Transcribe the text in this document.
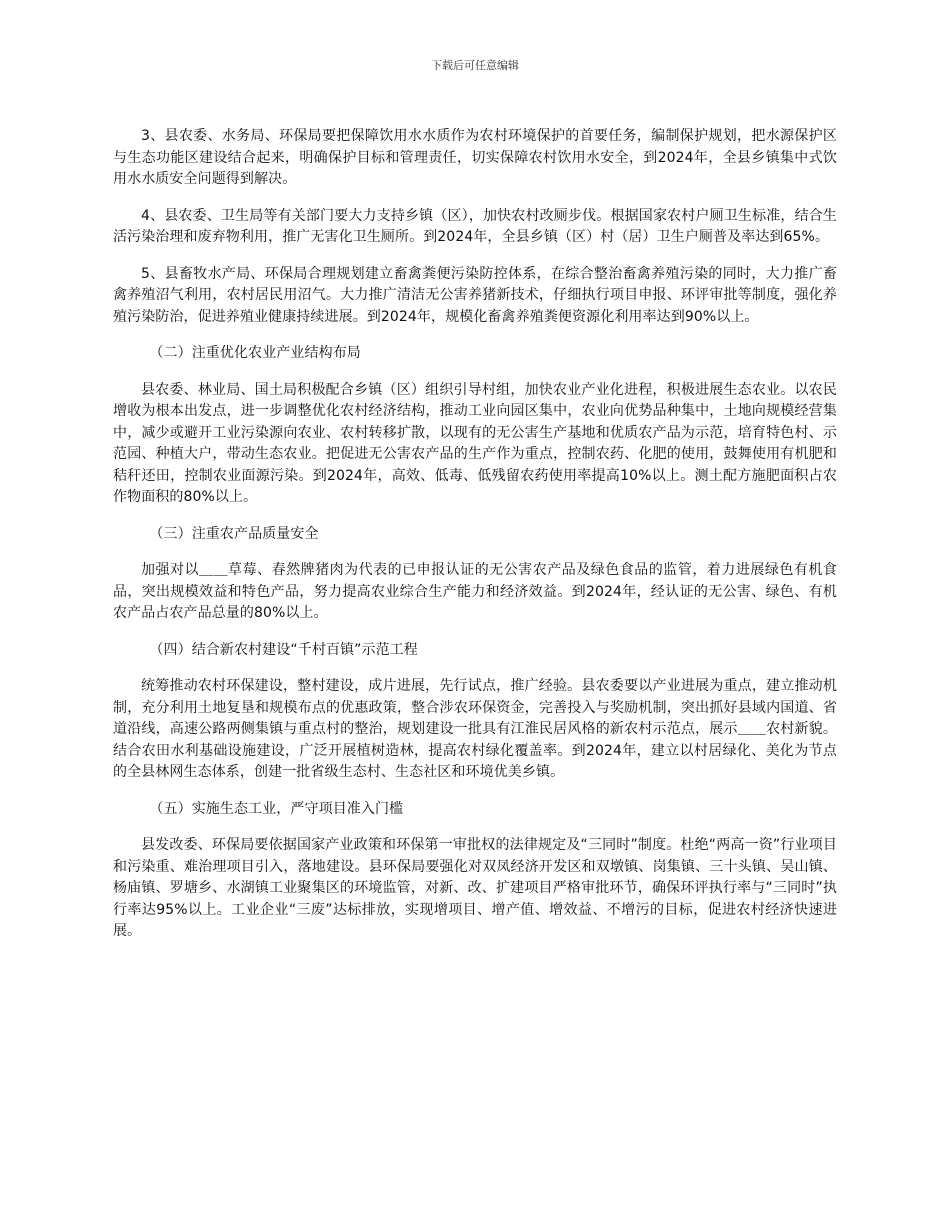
下载后可任意编辑

3、县农委、水务局、环保局要把保障饮用水水质作为农村环境保护的首要任务，编制保护规划，把水源保护区与生态功能区建设结合起来，明确保护目标和管理责任，切实保障农村饮用水安全，到2024年，全县乡镇集中式饮用水水质安全问题得到解决。

4、县农委、卫生局等有关部门要大力支持乡镇（区），加快农村改厕步伐。根据国家农村户厕卫生标准，结合生活污染治理和废弃物利用，推广无害化卫生厕所。到2024年，全县乡镇（区）村（居）卫生户厕普及率达到65%。

5、县畜牧水产局、环保局合理规划建立畜禽粪便污染防控体系，在综合整治畜禽养殖污染的同时，大力推广畜禽养殖沼气利用，农村居民用沼气。大力推广清洁无公害养猪新技术，仔细执行项目申报、环评审批等制度，强化养殖污染防治，促进养殖业健康持续进展。到2024年，规模化畜禽养殖粪便资源化利用率达到90%以上。

（二）注重优化农业产业结构布局

县农委、林业局、国土局积极配合乡镇（区）组织引导村组，加快农业产业化进程，积极进展生态农业。以农民增收为根本出发点，进一步调整优化农村经济结构，推动工业向园区集中，农业向优势品种集中，土地向规模经营集中，减少或避开工业污染源向农业、农村转移扩散，以现有的无公害生产基地和优质农产品为示范，培育特色村、示范园、种植大户，带动生态农业。把促进无公害农产品的生产作为重点，控制农药、化肥的使用，鼓舞使用有机肥和秸秆还田，控制农业面源污染。到2024年，高效、低毒、低残留农药使用率提高10%以上。测土配方施肥面积占农作物面积的80%以上。

（三）注重农产品质量安全

加强对以＿＿草莓、春然牌猪肉为代表的已申报认证的无公害农产品及绿色食品的监管，着力进展绿色有机食品，突出规模效益和特色产品，努力提高农业综合生产能力和经济效益。到2024年，经认证的无公害、绿色、有机农产品占农产品总量的80%以上。

（四）结合新农村建设“千村百镇”示范工程

统筹推动农村环保建设，整村建设，成片进展，先行试点，推广经验。县农委要以产业进展为重点，建立推动机制，充分利用土地复垦和规模布点的优惠政策，整合涉农环保资金，完善投入与奖励机制，突出抓好县域内国道、省道沿线，高速公路两侧集镇与重点村的整治，规划建设一批具有江淮民居风格的新农村示范点，展示＿＿农村新貌。结合农田水利基础设施建设，广泛开展植树造林，提高农村绿化覆盖率。到2024年，建立以村居绿化、美化为节点的全县林网生态体系，创建一批省级生态村、生态社区和环境优美乡镇。

（五）实施生态工业，严守项目准入门槛

县发改委、环保局要依据国家产业政策和环保第一审批权的法律规定及“三同时”制度。杜绝“两高一资”行业项目和污染重、难治理项目引入，落地建设。县环保局要强化对双凤经济开发区和双墩镇、岗集镇、三十头镇、吴山镇、杨庙镇、罗塘乡、水湖镇工业聚集区的环境监管，对新、改、扩建项目严格审批环节，确保环评执行率与“三同时”执行率达95%以上。工业企业“三废”达标排放，实现增项目、增产值、增效益、不增污的目标，促进农村经济快速进展。
